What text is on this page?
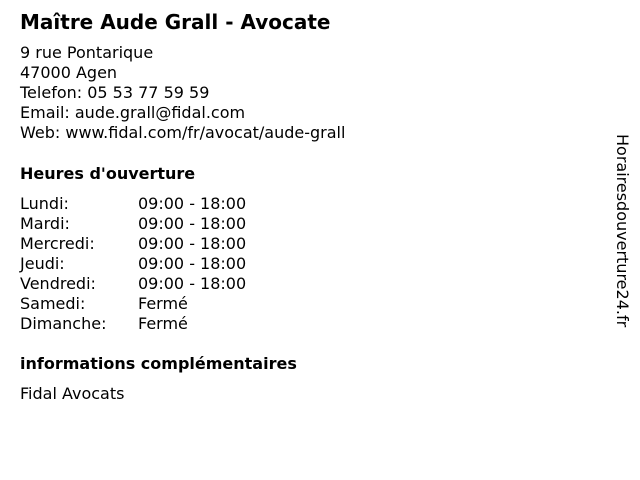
Maître Aude Grall - Avocate
9 rue Pontarique
47000 Agen
Telefon: 05 53 77 59 59
Email: aude.grall@fidal.com
Web: www.fidal.com/fr/avocat/aude-grall
Heures d'ouverture
Lundi:	09:00 - 18:00
Mardi:	09:00 - 18:00
Mercredi:	09:00 - 18:00
Jeudi:	09:00 - 18:00
Vendredi:	09:00 - 18:00
Samedi:	Fermé
Dimanche:	Fermé
informations complémentaires
Fidal Avocats
Horairesdouverture24.fr
